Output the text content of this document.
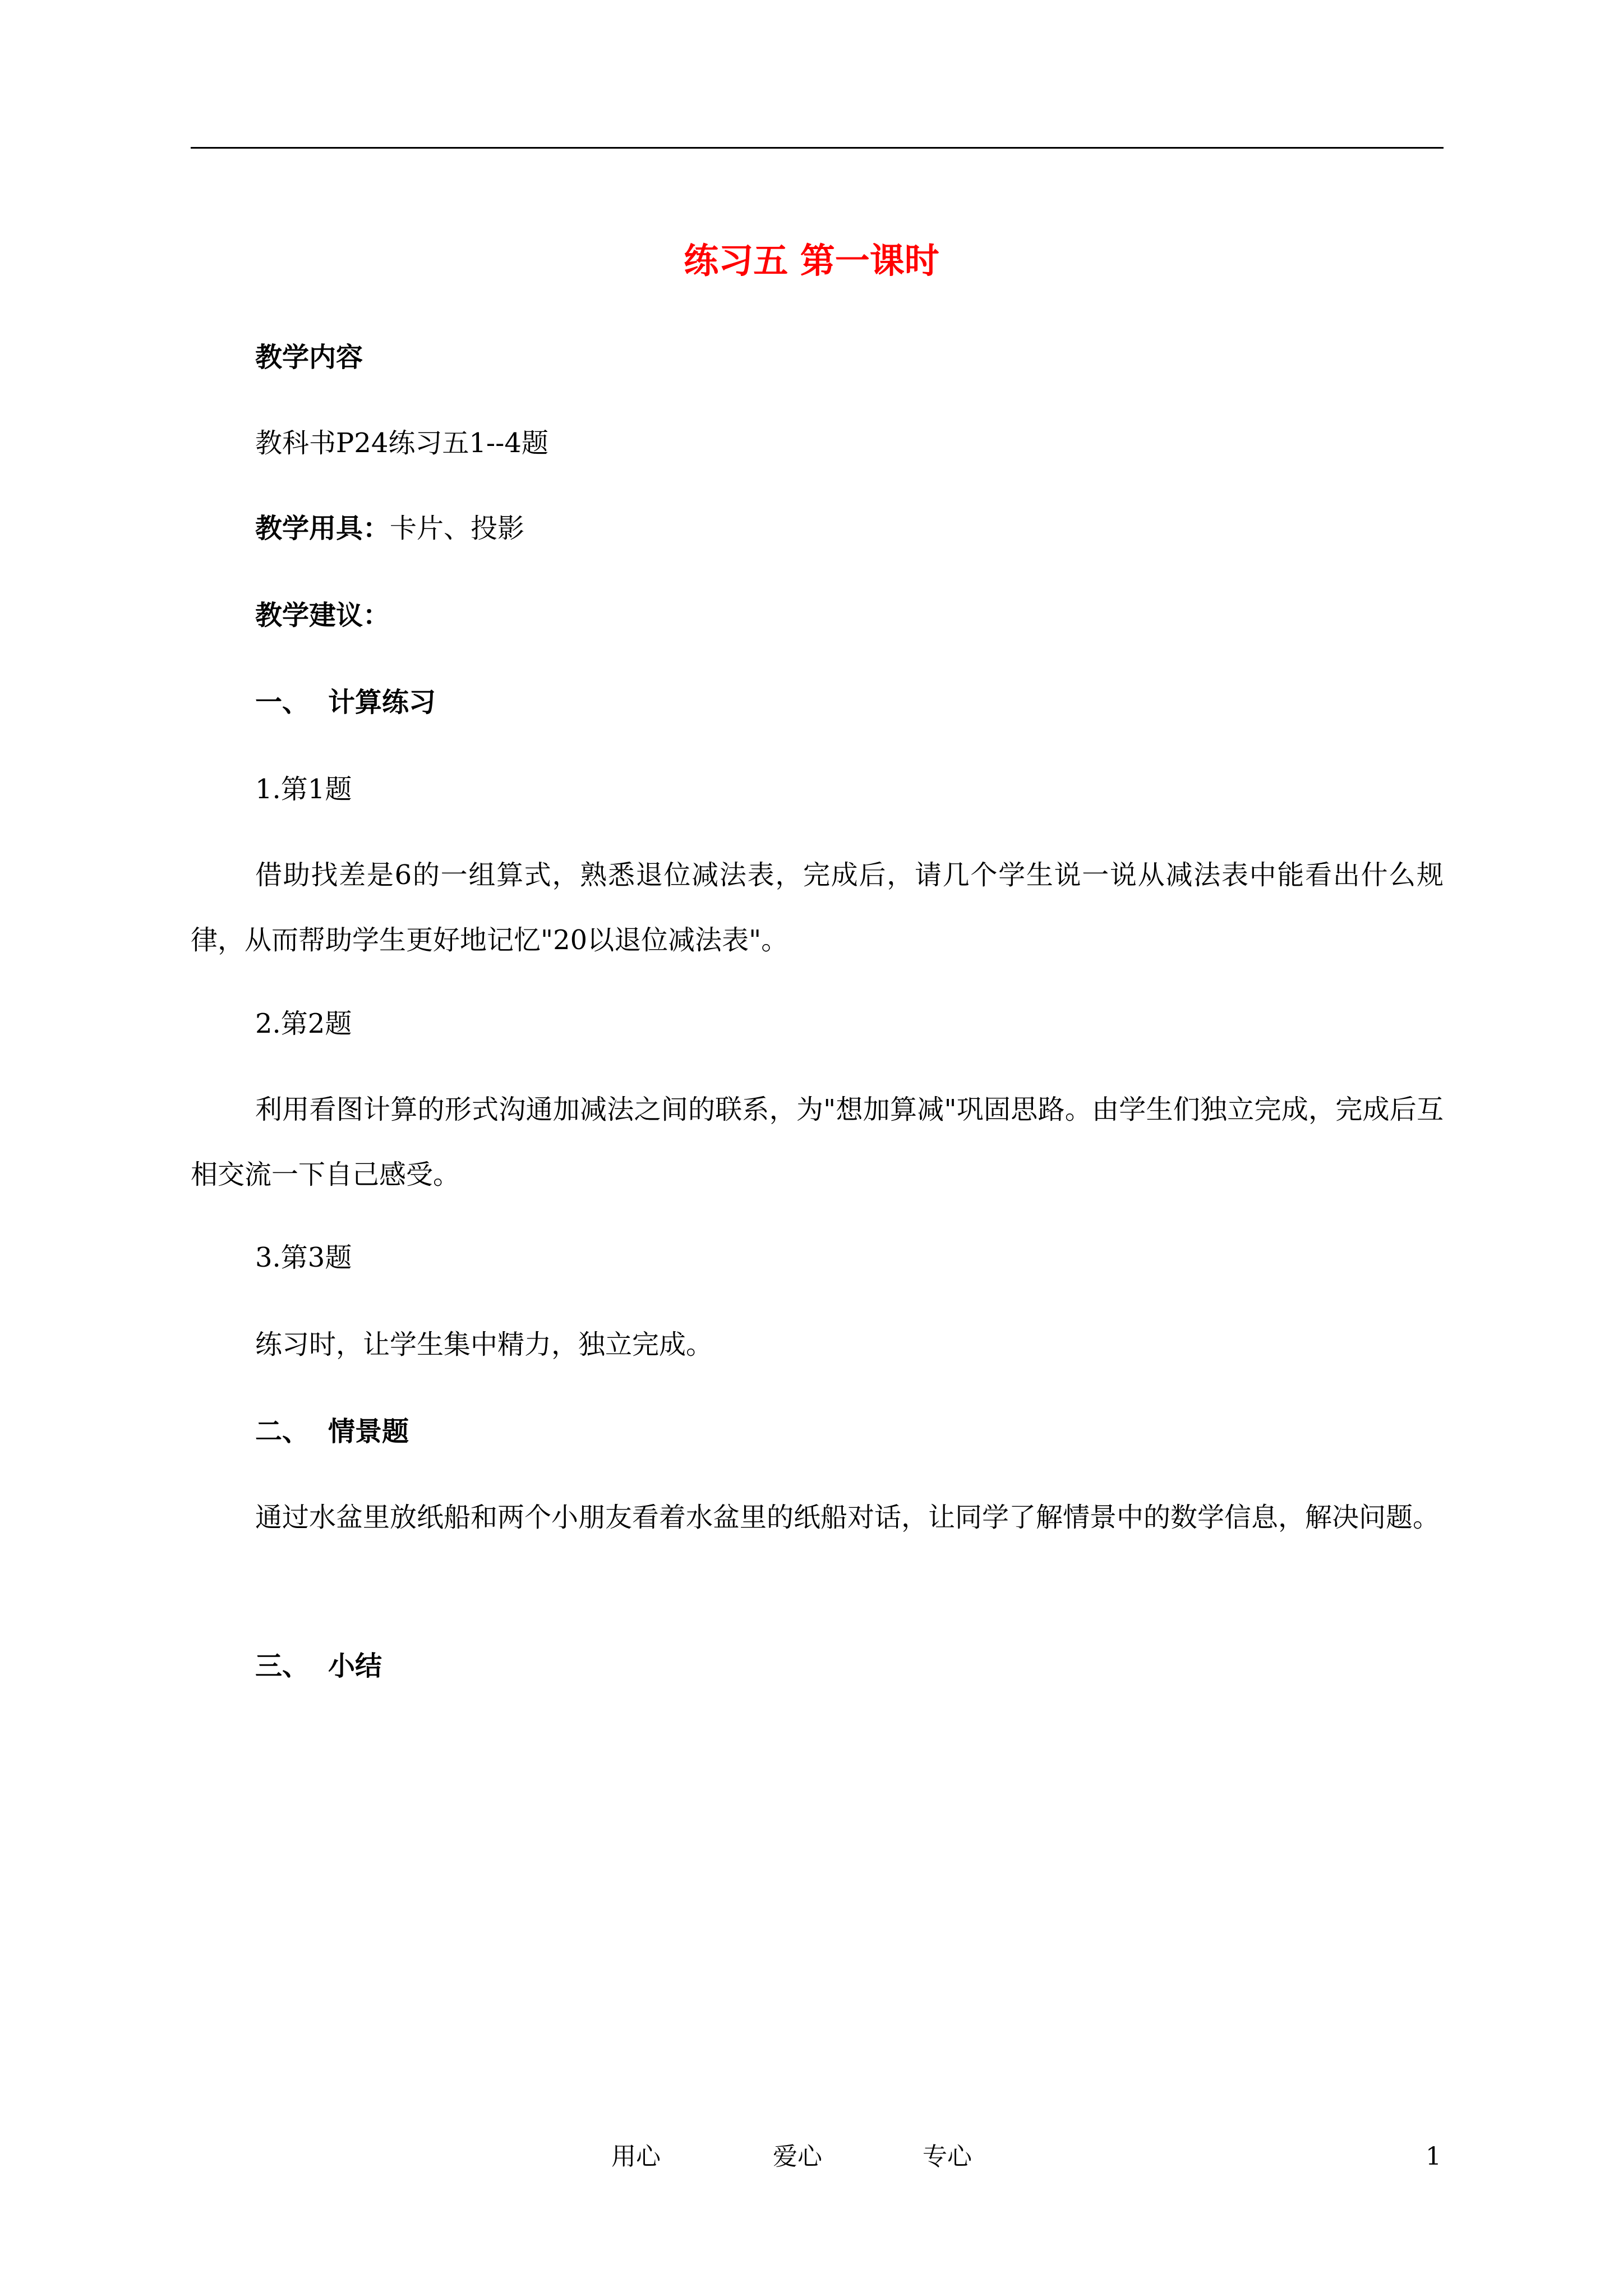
练习五 第一课时
教学内容
教科书P24练习五1--4题
教学用具：卡片、投影
教学建议：
一、 计算练习
1.第1题
借助找差是6的一组算式，熟悉退位减法表，完成后，请几个学生说一说从减法表中能看出什么规律，从而帮助学生更好地记忆"20以退位减法表"。
2.第2题
利用看图计算的形式沟通加减法之间的联系，为"想加算减"巩固思路。由学生们独立完成，完成后互相交流一下自己感受。
3.第3题
练习时，让学生集中精力，独立完成。
二、 情景题
通过水盆里放纸船和两个小朋友看着水盆里的纸船对话，让同学了解情景中的数学信息，解决问题。
三、 小结
用心	爱心	专心	1
